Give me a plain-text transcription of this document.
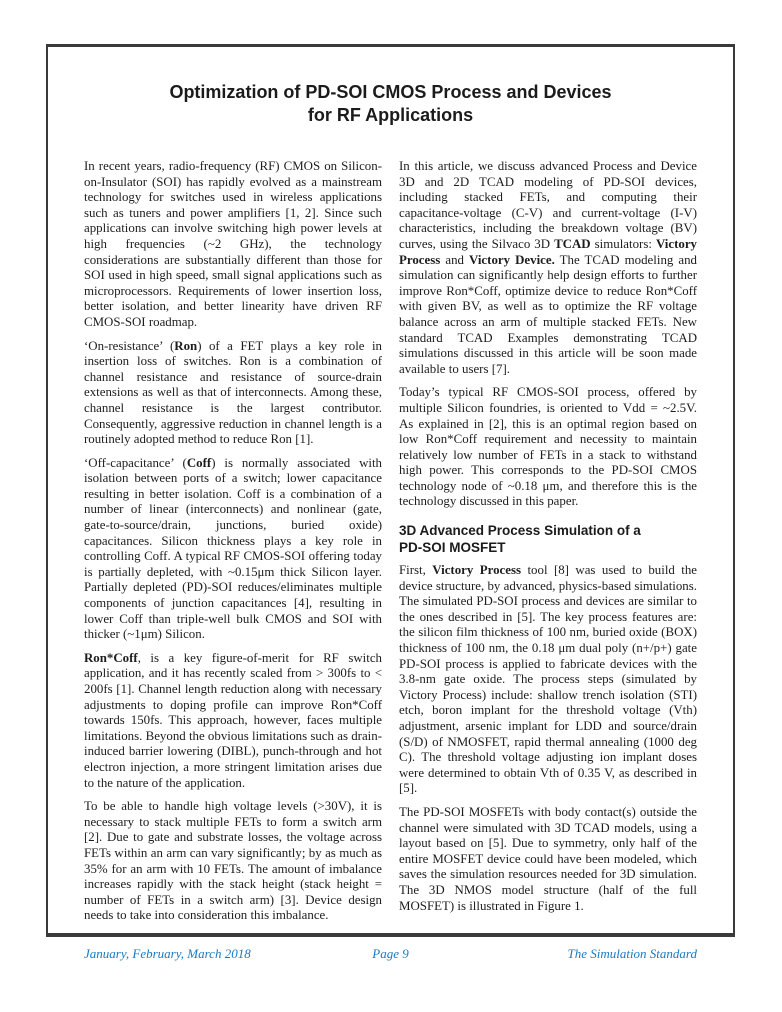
Optimization of PD-SOI CMOS Process and Devices
for RF Applications

In recent years, radio-frequency (RF) CMOS on Silicon-on-Insulator (SOI) has rapidly evolved as a mainstream technology for switches used in wireless applications such as tuners and power amplifiers [1, 2]. Since such applications can involve switching high power levels at high frequencies (~2 GHz), the technology considerations are substantially different than those for SOI used in high speed, small signal applications such as microprocessors. Requirements of lower insertion loss, better isolation, and better linearity have driven RF CMOS-SOI roadmap.

‘On-resistance’ (Ron) of a FET plays a key role in insertion loss of switches. Ron is a combination of channel resistance and resistance of source-drain extensions as well as that of interconnects. Among these, channel resistance is the largest contributor. Consequently, aggressive reduction in channel length is a routinely adopted method to reduce Ron [1].

‘Off-capacitance’ (Coff) is normally associated with isolation between ports of a switch; lower capacitance resulting in better isolation. Coff is a combination of a number of linear (interconnects) and nonlinear (gate, gate-to-source/drain, junctions, buried oxide) capacitances. Silicon thickness plays a key role in controlling Coff. A typical RF CMOS-SOI offering today is partially depleted, with ~0.15μm thick Silicon layer. Partially depleted (PD)-SOI reduces/eliminates multiple components of junction capacitances [4], resulting in lower Coff than triple-well bulk CMOS and SOI with thicker (~1μm) Silicon.

Ron*Coff, is a key figure-of-merit for RF switch application, and it has recently scaled from > 300fs to < 200fs [1]. Channel length reduction along with necessary adjustments to doping profile can improve Ron*Coff towards 150fs. This approach, however, faces multiple limitations. Beyond the obvious limitations such as drain-induced barrier lowering (DIBL), punch-through and hot electron injection, a more stringent limitation arises due to the nature of the application.

To be able to handle high voltage levels (>30V), it is necessary to stack multiple FETs to form a switch arm [2]. Due to gate and substrate losses, the voltage across FETs within an arm can vary significantly; by as much as 35% for an arm with 10 FETs. The amount of imbalance increases rapidly with the stack height (stack height = number of FETs in a switch arm) [3]. Device design needs to take into consideration this imbalance.

In this article, we discuss advanced Process and Device 3D and 2D TCAD modeling of PD-SOI devices, including stacked FETs, and computing their capacitance-voltage (C-V) and current-voltage (I-V) characteristics, including the breakdown voltage (BV) curves, using the Silvaco 3D TCAD simulators: Victory Process and Victory Device. The TCAD modeling and simulation can significantly help design efforts to further improve Ron*Coff, optimize device to reduce Ron*Coff with given BV, as well as to optimize the RF voltage balance across an arm of multiple stacked FETs. New standard TCAD Examples demonstrating TCAD simulations discussed in this article will be soon made available to users [7].

Today’s typical RF CMOS-SOI process, offered by multiple Silicon foundries, is oriented to Vdd = ~2.5V. As explained in [2], this is an optimal region based on low Ron*Coff requirement and necessity to maintain relatively low number of FETs in a stack to withstand high power. This corresponds to the PD-SOI CMOS technology node of ~0.18 μm, and therefore this is the technology discussed in this paper.

3D Advanced Process Simulation of a
PD-SOI MOSFET

First, Victory Process tool [8] was used to build the device structure, by advanced, physics-based simulations. The simulated PD-SOI process and devices are similar to the ones described in [5]. The key process features are: the silicon film thickness of 100 nm, buried oxide (BOX) thickness of 100 nm, the 0.18 μm dual poly (n+/p+) gate PD-SOI process is applied to fabricate devices with the 3.8-nm gate oxide. The process steps (simulated by Victory Process) include: shallow trench isolation (STI) etch, boron implant for the threshold voltage (Vth) adjustment, arsenic implant for LDD and source/drain (S/D) of NMOSFET, rapid thermal annealing (1000 deg C). The threshold voltage adjusting ion implant doses were determined to obtain Vth of 0.35 V, as described in [5].

The PD-SOI MOSFETs with body contact(s) outside the channel were simulated with 3D TCAD models, using a layout based on [5]. Due to symmetry, only half of the entire MOSFET device could have been modeled, which saves the simulation resources needed for 3D simulation. The 3D NMOS model structure (half of the full MOSFET) is illustrated in Figure 1.

January, February, March 2018	Page 9	The Simulation Standard
